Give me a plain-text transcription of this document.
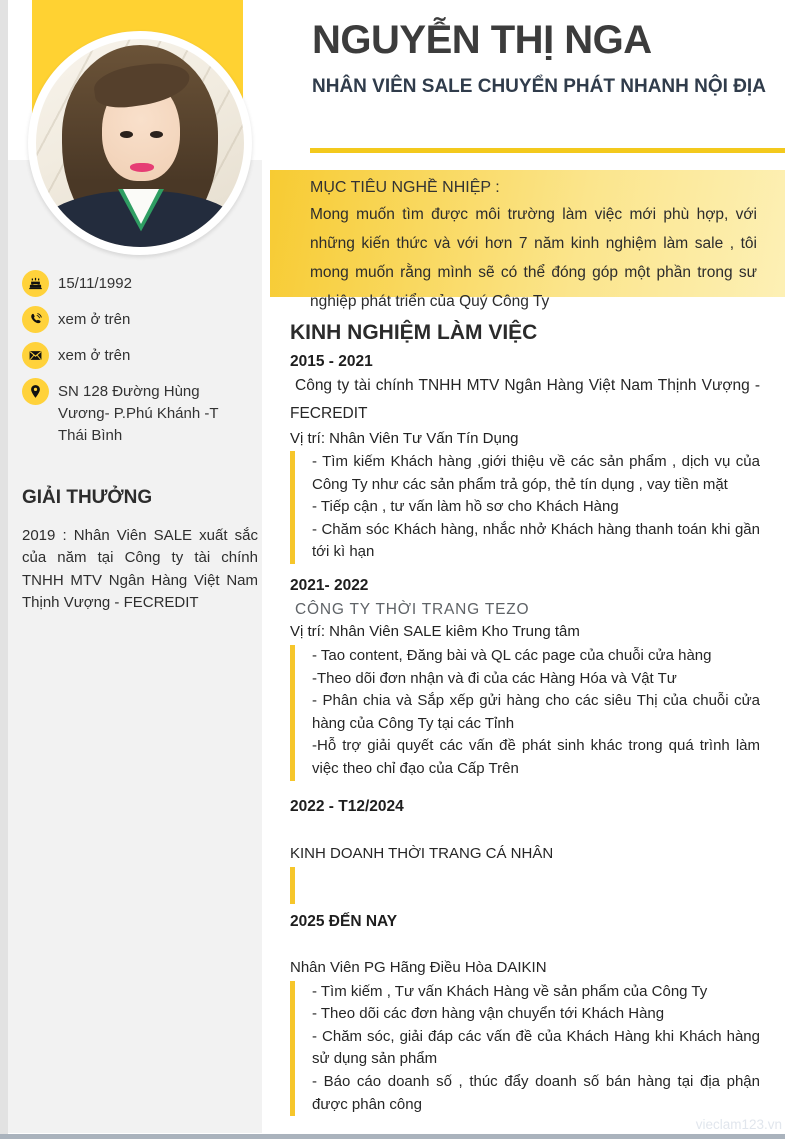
NGUYỄN THỊ NGA
NHÂN VIÊN SALE CHUYỂN PHÁT NHANH NỘI ĐỊA
MỤC TIÊU NGHỀ NHIỆP :

Mong muốn tìm được môi trường làm việc mới phù hợp, với những kiến thức và với hơn 7 năm kinh nghiệm làm sale , tôi mong muốn rằng mình sẽ có thể đóng góp một phần trong sư nghiệp phát triển của Quý Công Ty

15/11/1992
xem ở trên
xem ở trên
SN 128 Đường Hùng Vương- P.Phú Khánh -T Thái Bình
GIẢI THƯỞNG

2019 : Nhân Viên SALE xuất sắc của năm tại Công ty tài chính TNHH MTV Ngân Hàng Việt Nam Thịnh Vượng - FECREDIT

KINH NGHIỆM LÀM VIỆC
2015 - 2021

Công ty tài chính TNHH MTV Ngân Hàng Việt Nam Thịnh Vượng - FECREDIT

Vị trí: Nhân Viên Tư Vấn Tín Dụng

- Tìm kiếm Khách hàng ,giới thiệu về các sản phẩm , dịch vụ của Công Ty như các sản phẩm trả góp, thẻ tín dụng , vay tiền mặt

- Tiếp cận , tư vấn làm hồ sơ cho Khách Hàng

- Chăm sóc Khách hàng, nhắc nhở Khách hàng thanh toán khi gần tới kì hạn

2021- 2022

CÔNG TY THỜI TRANG TEZO

Vị trí: Nhân Viên SALE kiêm Kho Trung tâm

- Tao content, Đăng bài và QL các page của chuỗi cửa hàng

-Theo dõi đơn nhận và đi của các Hàng Hóa và Vật Tư

- Phân chia và Sắp xếp gửi hàng cho các siêu Thị của chuỗi cửa hàng của Công Ty tại các Tỉnh

-Hỗ trợ giải quyết các vấn đề phát sinh khác trong quá trình làm việc theo chỉ đạo của Cấp Trên

2022 - T12/2024

KINH DOANH THỜI TRANG CÁ NHÂN

2025 ĐẾN NAY

Nhân Viên PG Hãng Điều Hòa DAIKIN

- Tìm kiếm , Tư vấn Khách Hàng về sản phẩm của Công Ty

- Theo dõi các đơn hàng vận chuyển tới Khách Hàng

- Chăm sóc, giải đáp các vấn đề của Khách Hàng khi Khách hàng sử dụng sản phẩm

- Báo cáo doanh số , thúc đẩy doanh số bán hàng tại địa phận được phân công

vieclam123.vn
